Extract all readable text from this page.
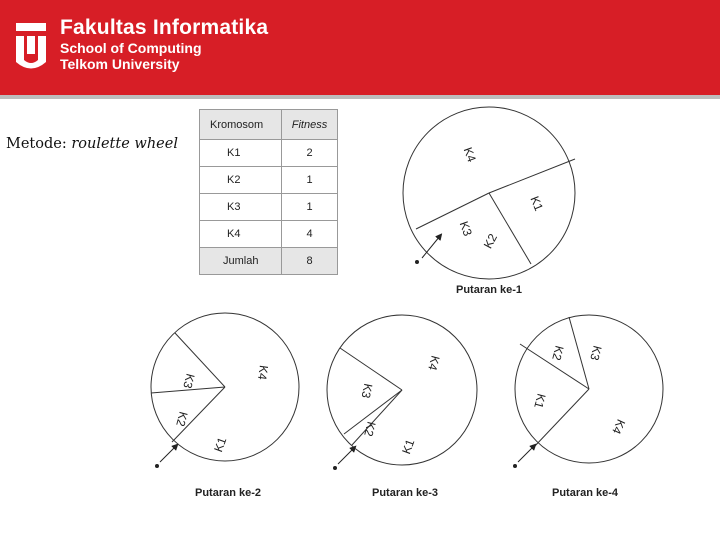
Fakultas Informatika
School of Computing
Telkom University
Metode: roulette wheel
Kromosom	Fitness
K1	2
K2	1
K3	1
K4	4
Jumlah	8
K4
K1
K3
K2
Putaran ke-1
K3	K4
K2
K1
Putaran ke-2
K4
K3
K2
K1
Putaran ke-3
K2 K3
K1
K4
Putaran ke-4
